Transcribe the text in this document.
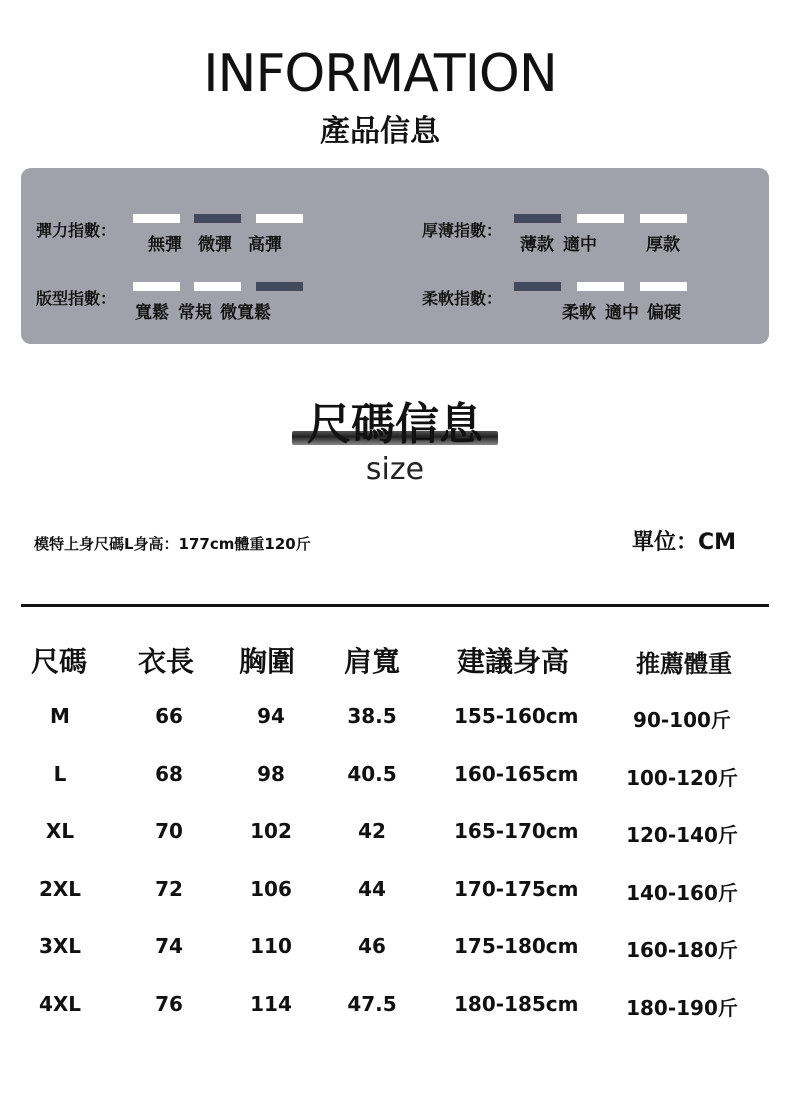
INFORMATION
產品信息
彈力指數：
無彈 微彈 高彈
厚薄指數：
薄款 適中	厚款
版型指數：
寬鬆 常規 微寬鬆
柔軟指數：
柔軟 適中 偏硬
尺碼信息
size
模特上身尺碼L身高：177cm體重120斤	單位：CM
尺碼 衣長 胸圍 肩寬 建議身高	推薦體重
M	66	94	38.5	155-160cm	90-100斤
L	68	98	40.5	160-165cm 100-120斤
XL	70	102	42	165-170cm 120-140斤
2XL	72	106	44	170-175cm 140-160斤
3XL	74	110	46	175-180cm 160-180斤
4XL	76	114	47.5	180-185cm 180-190斤
